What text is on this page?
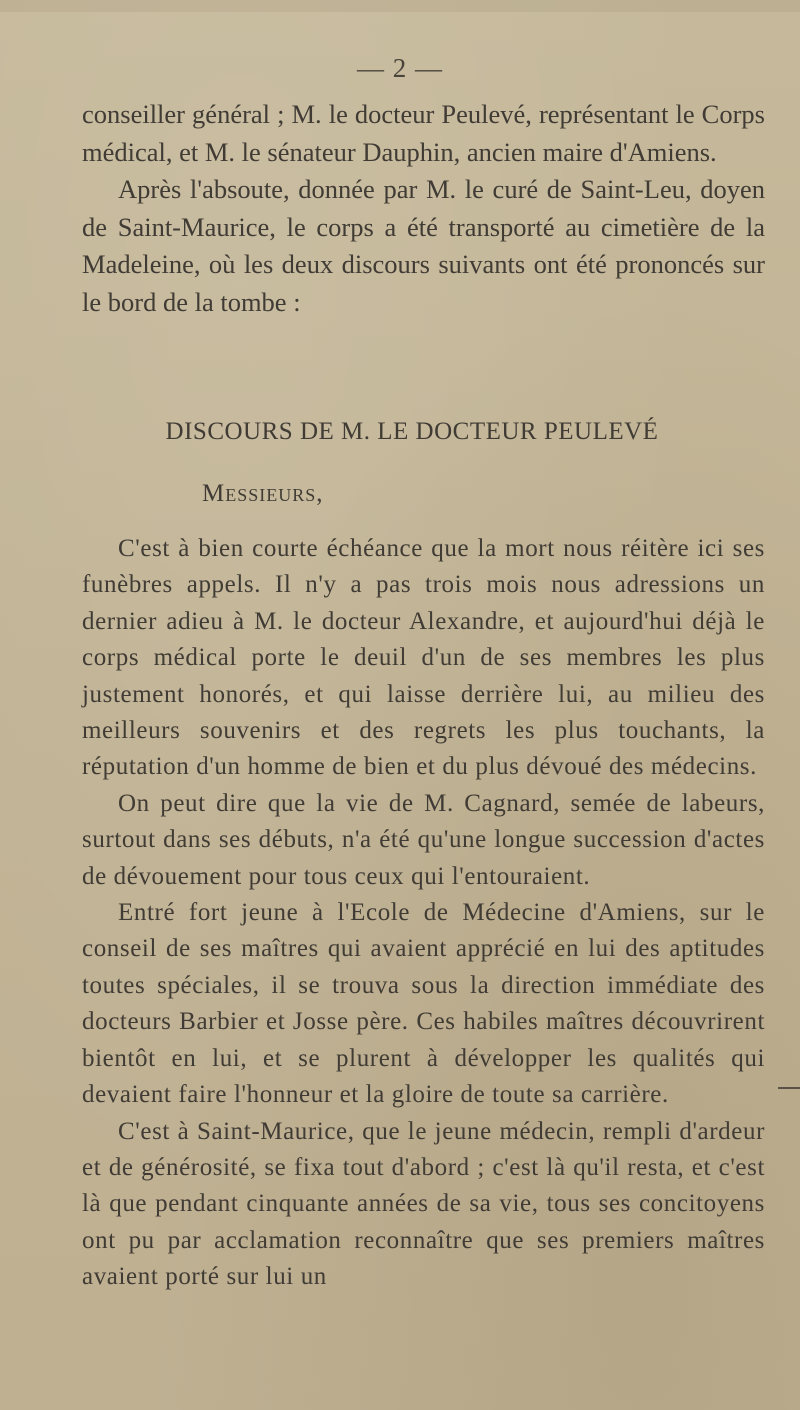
— 2 —

conseiller général ; M. le docteur Peulevé, représentant le Corps médical, et M. le sénateur Dauphin, ancien maire d'Amiens.

Après l'absoute, donnée par M. le curé de Saint-Leu, doyen de Saint-Maurice, le corps a été transporté au cimetière de la Madeleine, où les deux discours suivants ont été prononcés sur le bord de la tombe :

DISCOURS DE M. LE DOCTEUR PEULEVÉ
Messieurs,

C'est à bien courte échéance que la mort nous réitère ici ses funèbres appels. Il n'y a pas trois mois nous adressions un dernier adieu à M. le docteur Alexandre, et aujourd'hui déjà le corps médical porte le deuil d'un de ses membres les plus justement honorés, et qui laisse derrière lui, au milieu des meilleurs souvenirs et des regrets les plus touchants, la réputation d'un homme de bien et du plus dévoué des médecins.

On peut dire que la vie de M. Cagnard, semée de labeurs, surtout dans ses débuts, n'a été qu'une longue succession d'actes de dévouement pour tous ceux qui l'entouraient.

Entré fort jeune à l'Ecole de Médecine d'Amiens, sur le conseil de ses maîtres qui avaient apprécié en lui des aptitudes toutes spéciales, il se trouva sous la direction immédiate des docteurs Barbier et Josse père. Ces habiles maîtres découvrirent bientôt en lui, et se plurent à développer les qualités qui devaient faire l'honneur et la gloire de toute sa carrière.

C'est à Saint-Maurice, que le jeune médecin, rempli d'ardeur et de générosité, se fixa tout d'abord ; c'est là qu'il resta, et c'est là que pendant cinquante années de sa vie, tous ses concitoyens ont pu par acclamation reconnaître que ses premiers maîtres avaient porté sur lui un
